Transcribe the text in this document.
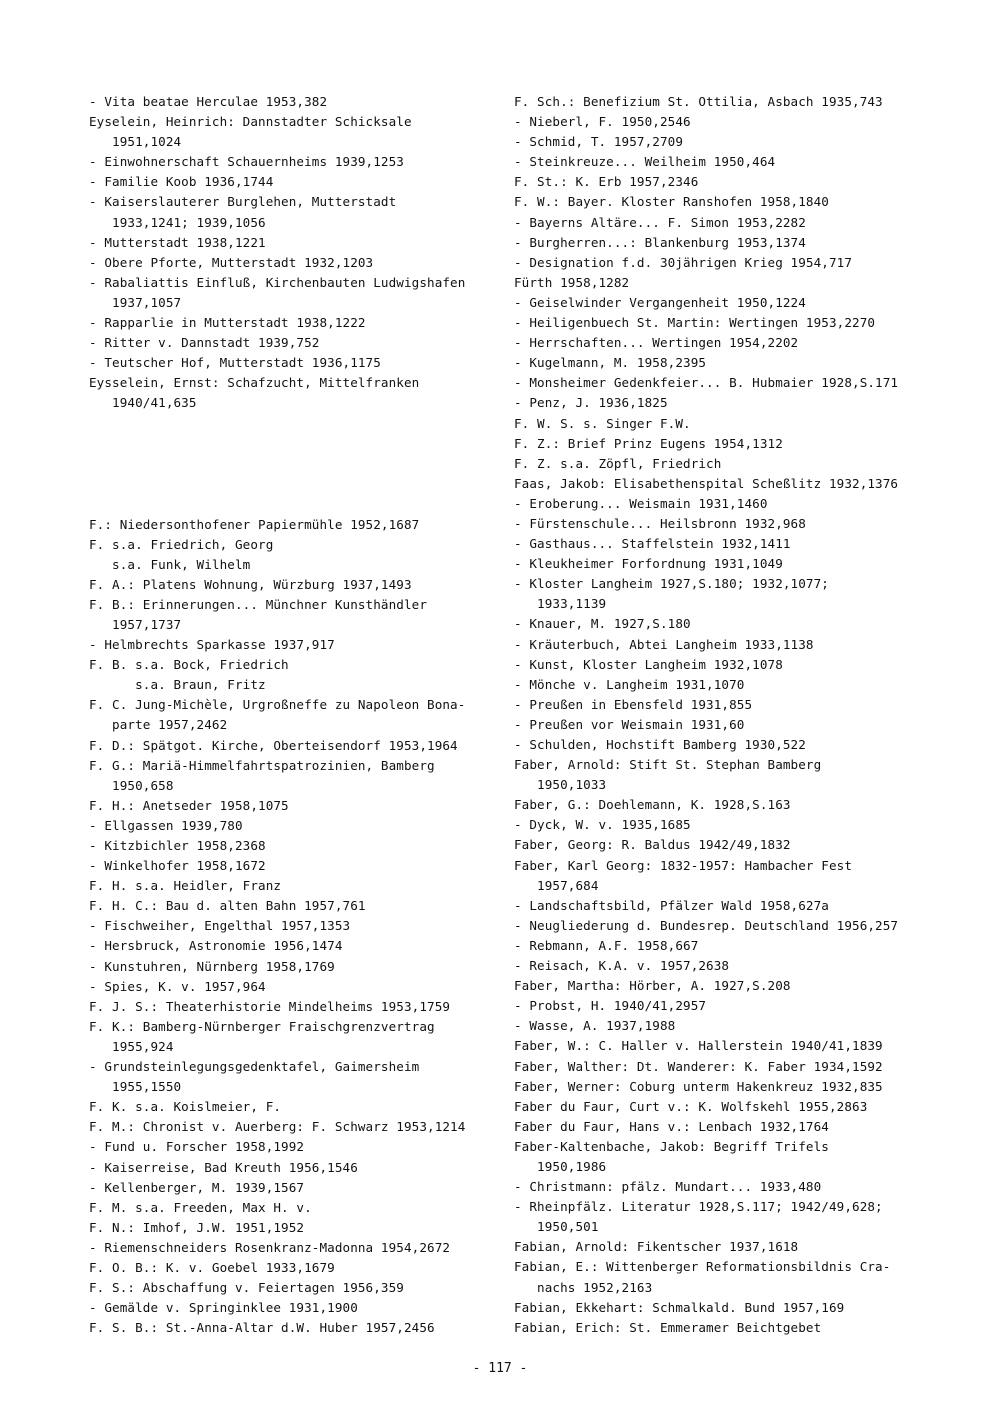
- Vita beatae Herculae 1953,382
Eyselein, Heinrich: Dannstadter Schicksale
1951,1024
- Einwohnerschaft Schauernheims 1939,1253
- Familie Koob 1936,1744
- Kaiserslauterer Burglehen, Mutterstadt
1933,1241; 1939,1056
- Mutterstadt 1938,1221
- Obere Pforte, Mutterstadt 1932,1203
- Rabaliattis Einfluß, Kirchenbauten Ludwigshafen
1937,1057
- Rapparlie in Mutterstadt 1938,1222
- Ritter v. Dannstadt 1939,752
- Teutscher Hof, Mutterstadt 1936,1175
Eysselein, Ernst: Schafzucht, Mittelfranken
1940/41,635
F.: Niedersonthofener Papiermühle 1952,1687
F. s.a. Friedrich, Georg
s.a. Funk, Wilhelm
F. A.: Platens Wohnung, Würzburg 1937,1493
F. B.: Erinnerungen... Münchner Kunsthändler
1957,1737
- Helmbrechts Sparkasse 1937,917
F. B. s.a. Bock, Friedrich
s.a. Braun, Fritz
F. C. Jung-Michèle, Urgroßneffe zu Napoleon Bona-
parte 1957,2462
F. D.: Spätgot. Kirche, Oberteisendorf 1953,1964
F. G.: Mariä-Himmelfahrtspatrozinien, Bamberg
1950,658
F. H.: Anetseder 1958,1075
- Ellgassen 1939,780
- Kitzbichler 1958,2368
- Winkelhofer 1958,1672
F. H. s.a. Heidler, Franz
F. H. C.: Bau d. alten Bahn 1957,761
- Fischweiher, Engelthal 1957,1353
- Hersbruck, Astronomie 1956,1474
- Kunstuhren, Nürnberg 1958,1769
- Spies, K. v. 1957,964
F. J. S.: Theaterhistorie Mindelheims 1953,1759
F. K.: Bamberg-Nürnberger Fraischgrenzvertrag
1955,924
- Grundsteinlegungsgedenktafel, Gaimersheim
1955,1550
F. K. s.a. Koislmeier, F.
F. M.: Chronist v. Auerberg: F. Schwarz 1953,1214
- Fund u. Forscher 1958,1992
- Kaiserreise, Bad Kreuth 1956,1546
- Kellenberger, M. 1939,1567
F. M. s.a. Freeden, Max H. v.
F. N.: Imhof, J.W. 1951,1952
- Riemenschneiders Rosenkranz-Madonna 1954,2672
F. O. B.: K. v. Goebel 1933,1679
F. S.: Abschaffung v. Feiertagen 1956,359
- Gemälde v. Springinklee 1931,1900
F. S. B.: St.-Anna-Altar d.W. Huber 1957,2456
F. Sch.: Benefizium St. Ottilia, Asbach 1935,743
- Nieberl, F. 1950,2546
- Schmid, T. 1957,2709
- Steinkreuze... Weilheim 1950,464
F. St.: K. Erb 1957,2346
F. W.: Bayer. Kloster Ranshofen 1958,1840
- Bayerns Altäre... F. Simon 1953,2282
- Burgherren...: Blankenburg 1953,1374
- Designation f.d. 30jährigen Krieg 1954,717
Fürth 1958,1282
- Geiselwinder Vergangenheit 1950,1224
- Heiligenbuech St. Martin: Wertingen 1953,2270
- Herrschaften... Wertingen 1954,2202
- Kugelmann, M. 1958,2395
- Monsheimer Gedenkfeier... B. Hubmaier 1928,S.171
- Penz, J. 1936,1825
F. W. S. s. Singer F.W.
F. Z.: Brief Prinz Eugens 1954,1312
F. Z. s.a. Zöpfl, Friedrich
Faas, Jakob: Elisabethenspital Scheßlitz 1932,1376
- Eroberung... Weismain 1931,1460
- Fürstenschule... Heilsbronn 1932,968
- Gasthaus... Staffelstein 1932,1411
- Kleukheimer Forfordnung 1931,1049
- Kloster Langheim 1927,S.180; 1932,1077;
1933,1139
- Knauer, M. 1927,S.180
- Kräuterbuch, Abtei Langheim 1933,1138
- Kunst, Kloster Langheim 1932,1078
- Mönche v. Langheim 1931,1070
- Preußen in Ebensfeld 1931,855
- Preußen vor Weismain 1931,60
- Schulden, Hochstift Bamberg 1930,522
Faber, Arnold: Stift St. Stephan Bamberg
1950,1033
Faber, G.: Doehlemann, K. 1928,S.163
- Dyck, W. v. 1935,1685
Faber, Georg: R. Baldus 1942/49,1832
Faber, Karl Georg: 1832-1957: Hambacher Fest
1957,684
- Landschaftsbild, Pfälzer Wald 1958,627a
- Neugliederung d. Bundesrep. Deutschland 1956,257
- Rebmann, A.F. 1958,667
- Reisach, K.A. v. 1957,2638
Faber, Martha: Hörber, A. 1927,S.208
- Probst, H. 1940/41,2957
- Wasse, A. 1937,1988
Faber, W.: C. Haller v. Hallerstein 1940/41,1839
Faber, Walther: Dt. Wanderer: K. Faber 1934,1592
Faber, Werner: Coburg unterm Hakenkreuz 1932,835
Faber du Faur, Curt v.: K. Wolfskehl 1955,2863
Faber du Faur, Hans v.: Lenbach 1932,1764
Faber-Kaltenbache, Jakob: Begriff Trifels
1950,1986
- Christmann: pfälz. Mundart... 1933,480
- Rheinpfälz. Literatur 1928,S.117; 1942/49,628;
1950,501
Fabian, Arnold: Fikentscher 1937,1618
Fabian, E.: Wittenberger Reformationsbildnis Cra-
nachs 1952,2163
Fabian, Ekkehart: Schmalkald. Bund 1957,169
Fabian, Erich: St. Emmeramer Beichtgebet
- 117 -
